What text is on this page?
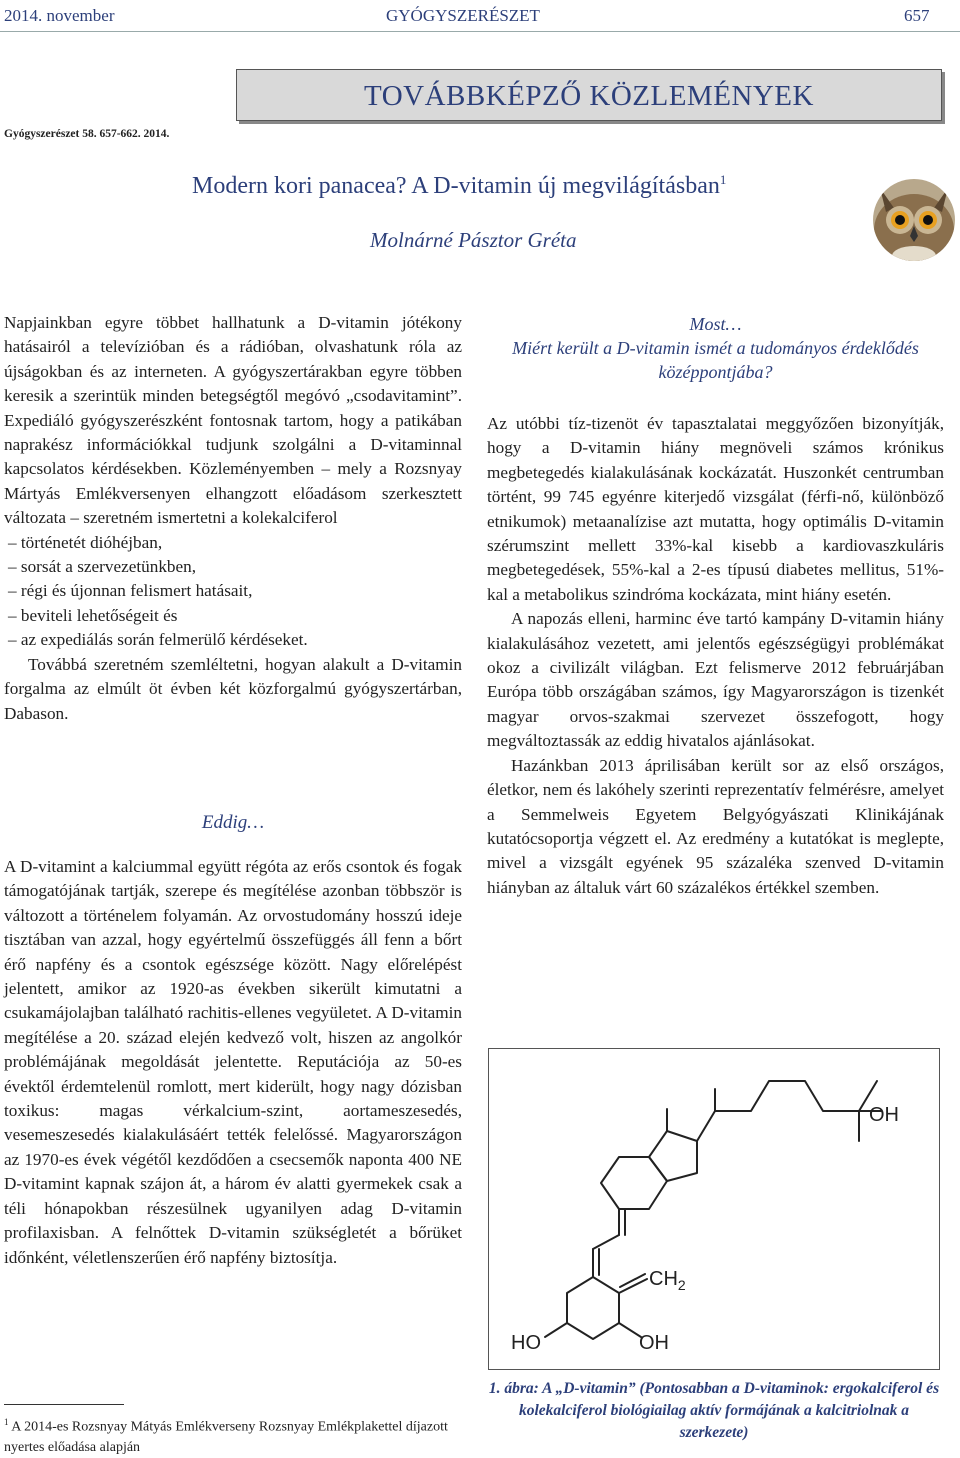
2014. november	GYÓGYSZERÉSZET	657
TOVÁBBKÉPZŐ KÖZLEMÉNYEK
Gyógyszerészet 58. 657-662. 2014.
Modern kori panacea? A D-vitamin új megvilágításban$^1$
Molnárné Pásztor Gréta

Napjainkban egyre többet hallhatunk a D-vitamin jótékony hatásairól a televízióban és a rádióban, olvashatunk róla az újságokban és az interneten. A gyógyszertárakban egyre többen keresik a szerintük minden betegségtől megóvó „csodavitamint”. Expediáló gyógyszerészként fontosnak tartom, hogy a patikában naprakész információkkal tudjunk szolgálni a D-vitaminnal kapcsolatos kérdésekben. Közleményemben – mely a Rozsnyay Mártyás Emlékversenyen elhangzott előadásom szerkesztett változata – szeretném ismertetni a kolekalciferol

– történetét dióhéjban,

– sorsát a szervezetünkben,

– régi és újonnan felismert hatásait,

– beviteli lehetőségeit és

– az expediálás során felmerülő kérdéseket.

Továbbá szeretném szemléltetni, hogyan alakult a D-vitamin forgalma az elmúlt öt évben két közforgalmú gyógyszertárban, Dabason.

Eddig…

A D-vitamint a kalciummal együtt régóta az erős csontok és fogak támogatójának tartják, szerepe és megítélése azonban többször is változott a történelem folyamán. Az orvostudomány hosszú ideje tisztában van azzal, hogy egyértelmű összefüggés áll fenn a bőrt érő napfény és a csontok egészsége között. Nagy előrelépést jelentett, amikor az 1920-as években sikerült kimutatni a csukamájolajban található rachitis-ellenes vegyületet. A D-vitamin megítélése a 20. század elején kedvező volt, hiszen az angolkór problémájának megoldását jelentette. Reputációja az 50-es évektől érdemtelenül romlott, mert kiderült, hogy nagy dózisban toxikus: magas vérkalcium-szint, aortameszesedés, vesemeszesedés kialakulásáért tették felelőssé. Magyarországon az 1970-es évek végétől kezdődően a csecsemők naponta 400 NE D-vitamint kapnak szájon át, a három év alatti gyermekek csak a téli hónapokban részesülnek ugyanilyen adag D-vitamin profilaxisban. A felnőttek D-vitamin szükségletét a bőrüket időnként, véletlenszerűen érő napfény biztosítja.

$^1$ A 2014-es Rozsnyay Mátyás Emlékverseny Rozsnyay Emlékplakettel díjazott nyertes előadása alapján
Most…
Miért került a D-vitamin ismét a tudományos érdeklődés középpontjába?

Az utóbbi tíz-tizenöt év tapasztalatai meggyőzően bizonyítják, hogy a D-vitamin hiány megnöveli számos krónikus megbetegedés kialakulásának kockázatát. Huszonkét centrumban történt, 99 745 egyénre kiterjedő vizsgálat (férfi-nő, különböző etnikumok) metaanalízise azt mutatta, hogy optimális D-vitamin szérumszint mellett 33%-kal kisebb a kardiovaszkuláris megbetegedések, 55%-kal a 2-es típusú diabetes mellitus, 51%-kal a metabolikus szindróma kockázata, mint hiány esetén.

A napozás elleni, harminc éve tartó kampány D-vitamin hiány kialakulásához vezetett, ami jelentős egészségügyi problémákat okoz a civilizált világban. Ezt felismerve 2012 februárjában Európa több országában számos, így Magyarországon is tizenkét magyar orvos-szakmai szervezet összefogott, hogy megváltoztassák az eddig hivatalos ajánlásokat.

Hazánkban 2013 áprilisában került sor az első országos, életkor, nem és lakóhely szerinti reprezentatív felmérésre, amelyet a Semmelweis Egyetem Belgyógyászati Klinikájának kutatócsoportja végzett el. Az eredmény a kutatókat is meglepte, mivel a vizsgált egyének 95 százaléka szenved D-vitamin hiányban az általuk várt 60 százalékos értékkel szemben.

OH
$CH_2$
HO	OH
1. ábra: A „D-vitamin” (Pontosabban a D-vitaminok: ergokalciferol és kolekalciferol biológiailag aktív formájának a kalcitriolnak a szerkezete)
